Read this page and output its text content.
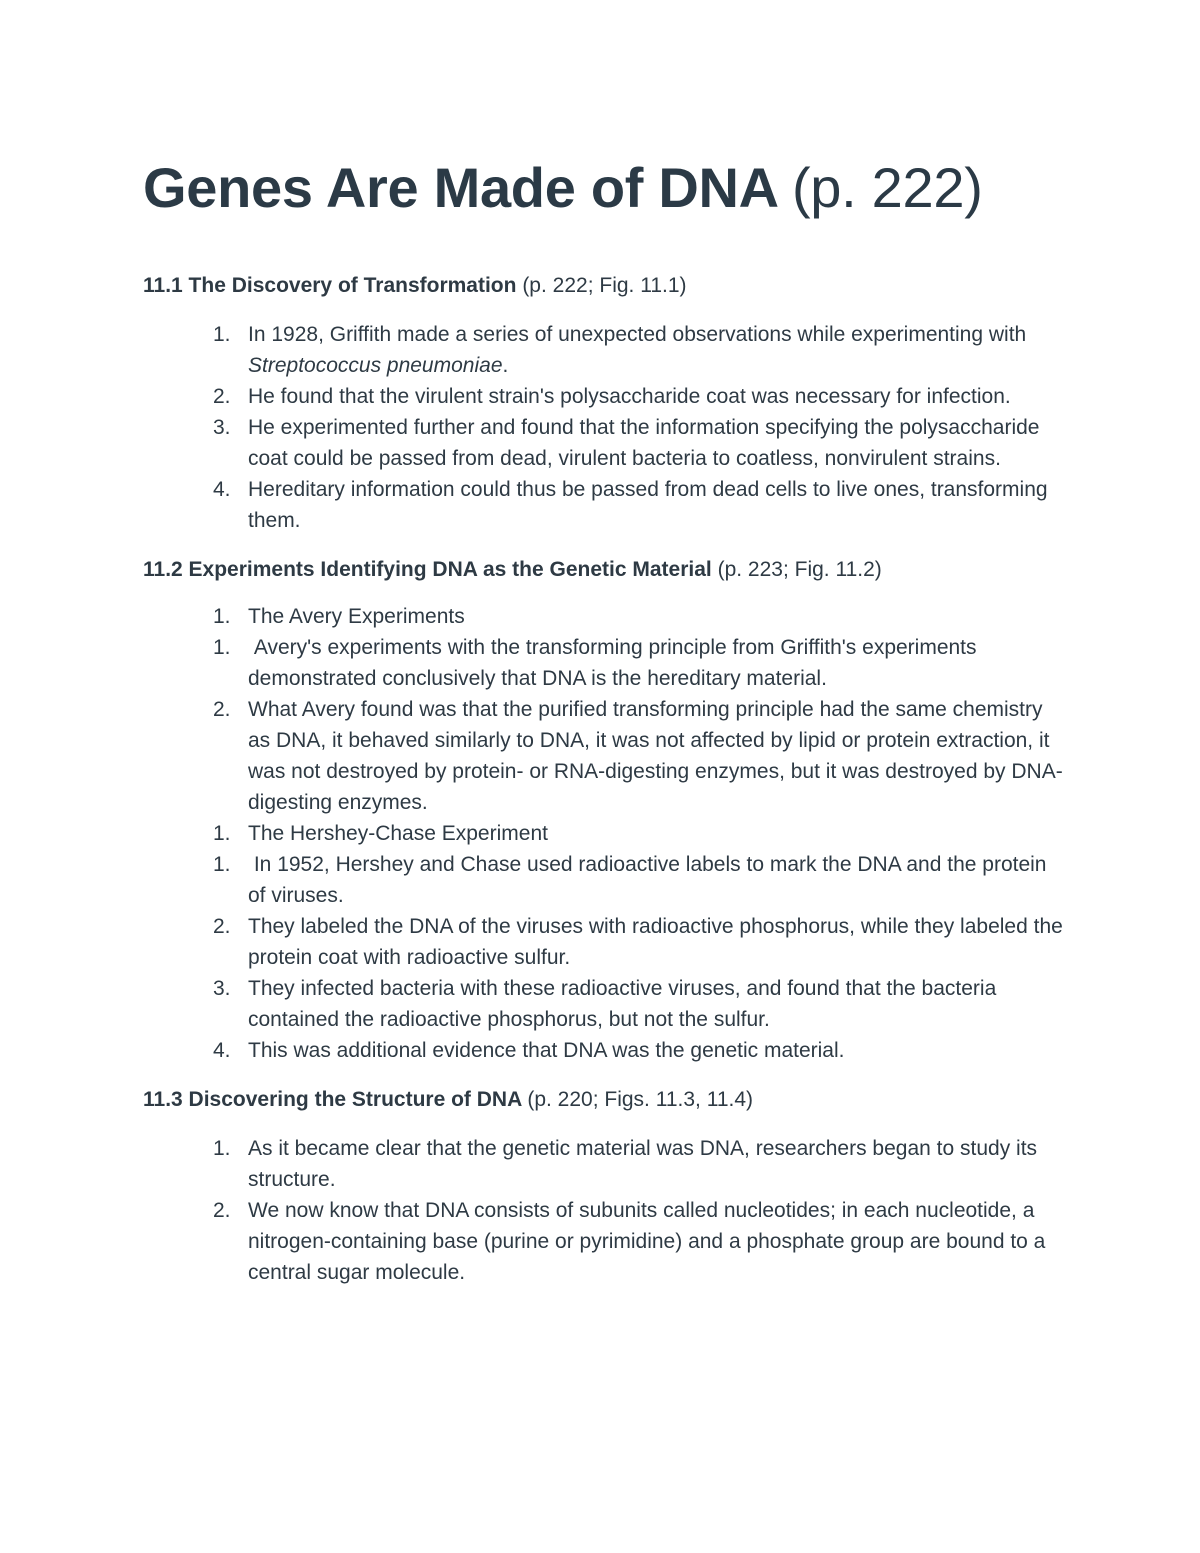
Genes Are Made of DNA (p. 222)
11.1 The Discovery of Transformation (p. 222; Fig. 11.1)
1. In 1928, Griffith made a series of unexpected observations while experimenting with Streptococcus pneumoniae.
2. He found that the virulent strain's polysaccharide coat was necessary for infection.
3. He experimented further and found that the information specifying the polysaccharide coat could be passed from dead, virulent bacteria to coatless, nonvirulent strains.
4. Hereditary information could thus be passed from dead cells to live ones, transforming them.
11.2 Experiments Identifying DNA as the Genetic Material (p. 223; Fig. 11.2)
1. The Avery Experiments
1. Avery's experiments with the transforming principle from Griffith's experiments demonstrated conclusively that DNA is the hereditary material.
2. What Avery found was that the purified transforming principle had the same chemistry as DNA, it behaved similarly to DNA, it was not affected by lipid or protein extraction, it was not destroyed by protein- or RNA-digesting enzymes, but it was destroyed by DNA-digesting enzymes.
1. The Hershey-Chase Experiment
1. In 1952, Hershey and Chase used radioactive labels to mark the DNA and the protein of viruses.
2. They labeled the DNA of the viruses with radioactive phosphorus, while they labeled the protein coat with radioactive sulfur.
3. They infected bacteria with these radioactive viruses, and found that the bacteria contained the radioactive phosphorus, but not the sulfur.
4. This was additional evidence that DNA was the genetic material.
11.3 Discovering the Structure of DNA (p. 220; Figs. 11.3, 11.4)
1. As it became clear that the genetic material was DNA, researchers began to study its structure.
2. We now know that DNA consists of subunits called nucleotides; in each nucleotide, a nitrogen-containing base (purine or pyrimidine) and a phosphate group are bound to a central sugar molecule.
